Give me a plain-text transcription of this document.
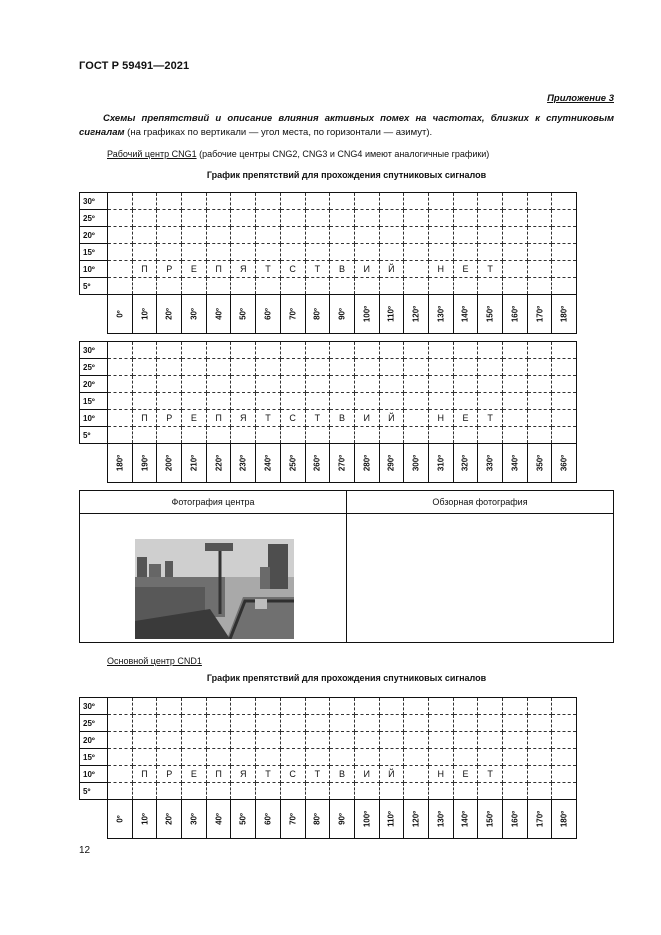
ГОСТ Р 59491—2021
Приложение 3
Схемы препятствий и описание влияния активных помех на частотах, близких к спутниковым сигналам (на графиках по вертикали — угол места, по горизонтали — азимут).
Рабочий центр CNG1 (рабочие центры CNG2, CNG3 и CNG4 имеют аналогичные графики)
График препятствий для прохождения спутниковых сигналов
30º																			
25º																			
20º																			
15º																			
10º		П	Р	Е	П	Я	Т	С	Т	В	И	Й		Н	Е	Т			
5º																			

	0º	10º	20º	30º	40º	50º	60º	70º	80º	90º	100º	110º	120º	130º	140º	150º	160º	170º	180º
30º																			
25º																			
20º																			
15º																			
10º		П	Р	Е	П	Я	Т	С	Т	В	И	Й		Н	Е	Т			
5º																			

	180º	190º	200º	210º	220º	230º	240º	250º	260º	270º	280º	290º	300º	310º	320º	330º	340º	350º	360º
Фотография центра	Обзорная фотография
Основной центр CND1
График препятствий для прохождения спутниковых сигналов
30º																			
25º																			
20º																			
15º																			
10º		П	Р	Е	П	Я	Т	С	Т	В	И	Й		Н	Е	Т			
5º																			

	0º	10º	20º	30º	40º	50º	60º	70º	80º	90º	100º	110º	120º	130º	140º	150º	160º	170º	180º
12
